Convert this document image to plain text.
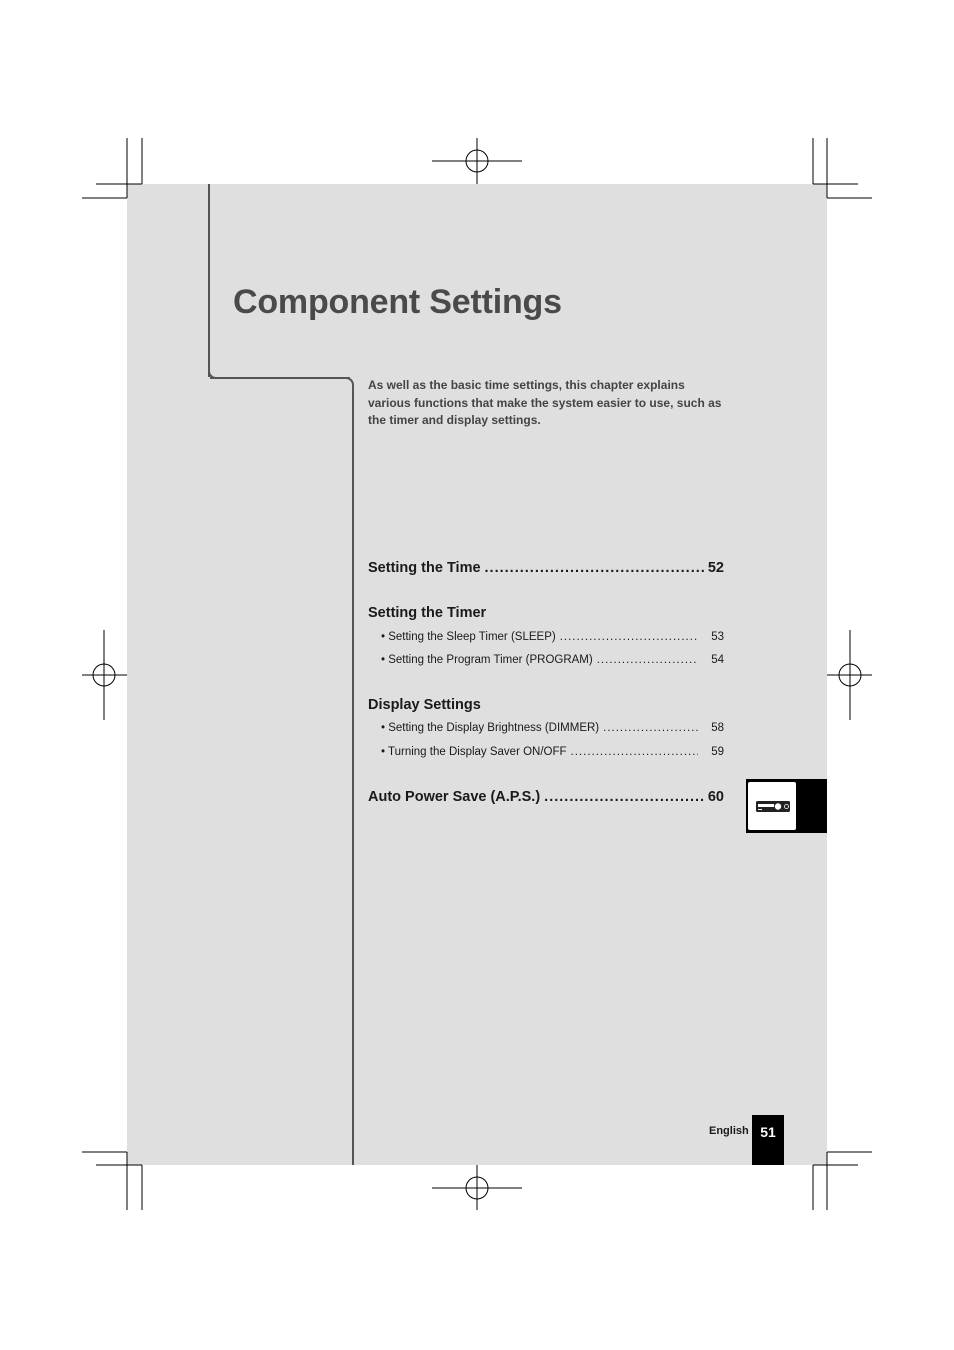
Component Settings
As well as the basic time settings, this chapter explains various functions that make the system easier to use, such as the timer and display settings.
Setting the Time .....	52
Setting the Timer
• Setting the Sleep Timer (SLEEP) .....	53
• Setting the Program Timer (PROGRAM) .....	54
Display Settings
• Setting the Display Brightness (DIMMER) .....	58
• Turning the Display Saver ON/OFF .....	59
Auto Power Save (A.P.S.) .....	60
English 51
